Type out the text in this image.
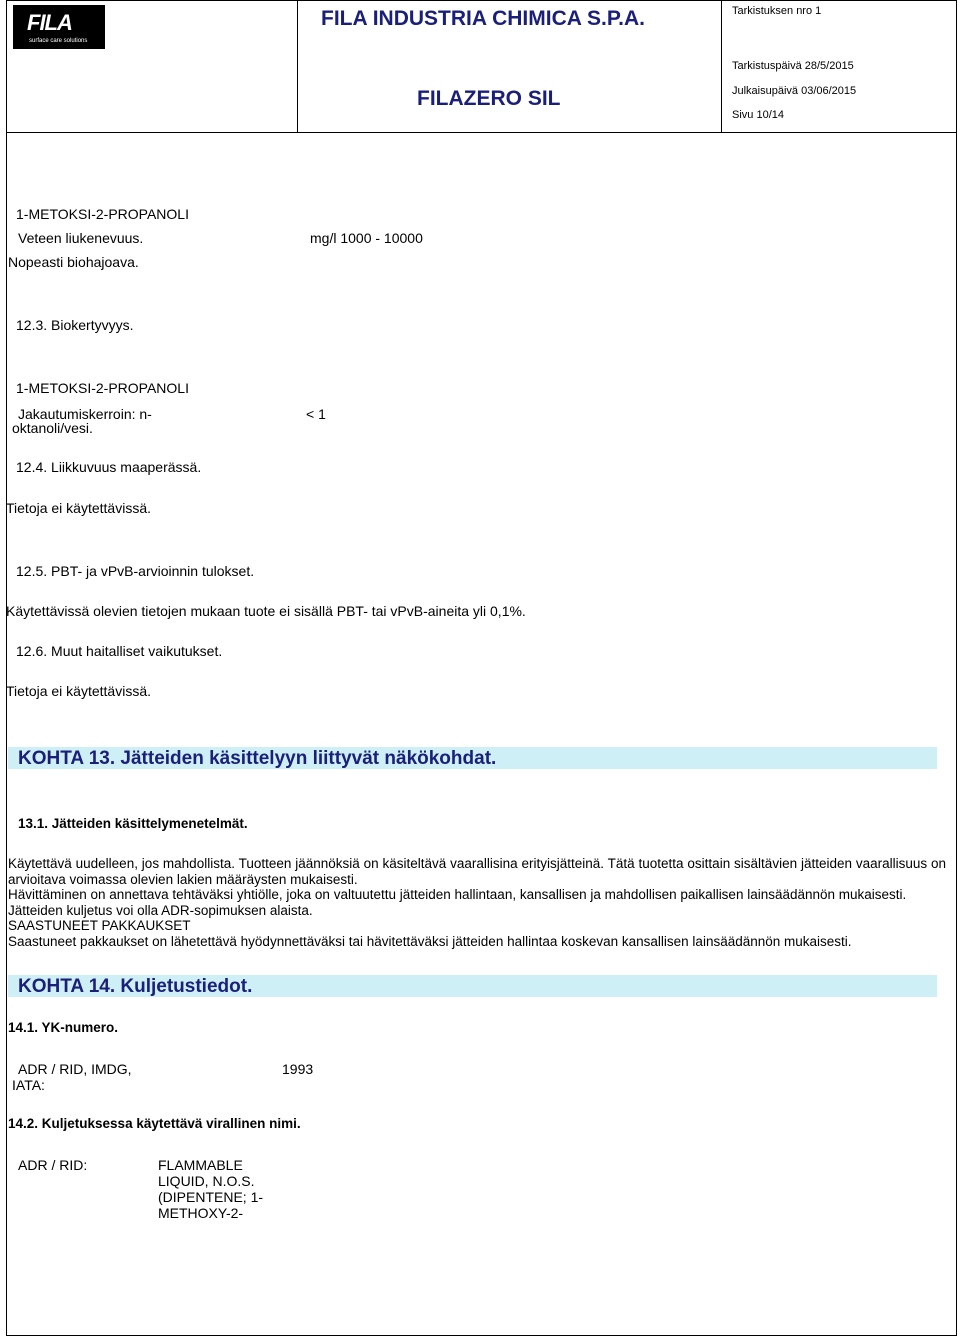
FILA
surface care solutions
FILA INDUSTRIA CHIMICA S.P.A.
FILAZERO SIL
Tarkistuksen nro 1
Tarkistuspäivä 28/5/2015
Julkaisupäivä 03/06/2015
Sivu 10/14
1-METOKSI-2-PROPANOLI
Veteen liukenevuus.	mg/l 1000 - 10000
Nopeasti biohajoava.
12.3. Biokertyvyys.
1-METOKSI-2-PROPANOLI
Jakautumiskerroin: n-
oktanoli/vesi.
< 1
12.4. Liikkuvuus maaperässä.
Tietoja ei käytettävissä.
12.5. PBT- ja vPvB-arvioinnin tulokset.
Käytettävissä olevien tietojen mukaan tuote ei sisällä PBT- tai vPvB-aineita yli 0,1%.
12.6. Muut haitalliset vaikutukset.
Tietoja ei käytettävissä.
KOHTA 13. Jätteiden käsittelyyn liittyvät näkökohdat.
13.1. Jätteiden käsittelymenetelmät.

Käytettävä uudelleen, jos mahdollista. Tuotteen jäännöksiä on käsiteltävä vaarallisina erityisjätteinä. Tätä tuotetta osittain sisältävien jätteiden vaarallisuus on arvioitava voimassa olevien lakien määräysten mukaisesti.

Hävittäminen on annettava tehtäväksi yhtiölle, joka on valtuutettu jätteiden hallintaan, kansallisen ja mahdollisen paikallisen lainsäädännön mukaisesti.

Jätteiden kuljetus voi olla ADR-sopimuksen alaista.

SAASTUNEET PAKKAUKSET

Saastuneet pakkaukset on lähetettävä hyödynnettäväksi tai hävitettäväksi jätteiden hallintaa koskevan kansallisen lainsäädännön mukaisesti.

KOHTA 14. Kuljetustiedot.
14.1. YK-numero.
ADR / RID, IMDG,
IATA:
1993
14.2. Kuljetuksessa käytettävä virallinen nimi.
ADR / RID:	FLAMMABLE
LIQUID, N.O.S.
(DIPENTENE; 1-
METHOXY-2-
